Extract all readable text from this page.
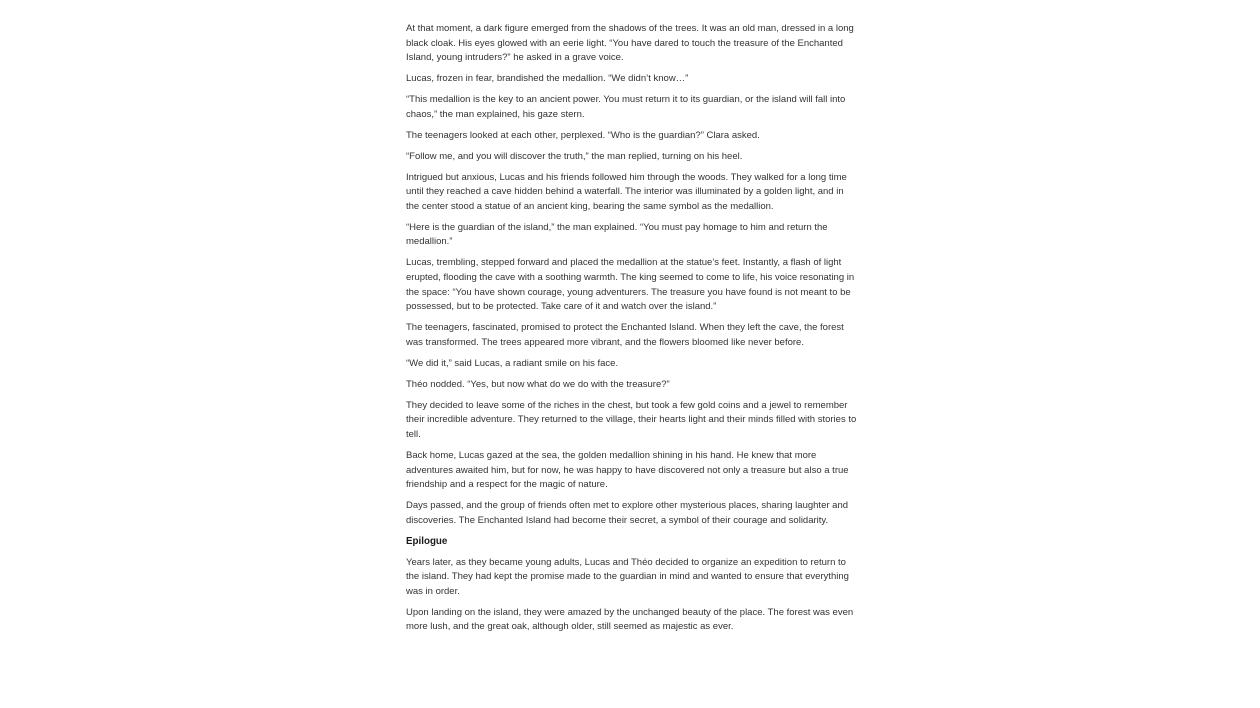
At that moment, a dark figure emerged from the shadows of the trees. It was an old man, dressed in a long black cloak. His eyes glowed with an eerie light. “You have dared to touch the treasure of the Enchanted Island, young intruders?” he asked in a grave voice.

Lucas, frozen in fear, brandished the medallion. “We didn’t know…”

“This medallion is the key to an ancient power. You must return it to its guardian, or the island will fall into chaos,” the man explained, his gaze stern.

The teenagers looked at each other, perplexed. “Who is the guardian?” Clara asked.

“Follow me, and you will discover the truth,” the man replied, turning on his heel.

Intrigued but anxious, Lucas and his friends followed him through the woods. They walked for a long time until they reached a cave hidden behind a waterfall. The interior was illuminated by a golden light, and in the center stood a statue of an ancient king, bearing the same symbol as the medallion.

“Here is the guardian of the island,” the man explained. “You must pay homage to him and return the medallion.”

Lucas, trembling, stepped forward and placed the medallion at the statue’s feet. Instantly, a flash of light erupted, flooding the cave with a soothing warmth. The king seemed to come to life, his voice resonating in the space: “You have shown courage, young adventurers. The treasure you have found is not meant to be possessed, but to be protected. Take care of it and watch over the island.”

The teenagers, fascinated, promised to protect the Enchanted Island. When they left the cave, the forest was transformed. The trees appeared more vibrant, and the flowers bloomed like never before.

“We did it,” said Lucas, a radiant smile on his face.

Théo nodded. “Yes, but now what do we do with the treasure?”

They decided to leave some of the riches in the chest, but took a few gold coins and a jewel to remember their incredible adventure. They returned to the village, their hearts light and their minds filled with stories to tell.

Back home, Lucas gazed at the sea, the golden medallion shining in his hand. He knew that more adventures awaited him, but for now, he was happy to have discovered not only a treasure but also a true friendship and a respect for the magic of nature.

Days passed, and the group of friends often met to explore other mysterious places, sharing laughter and discoveries. The Enchanted Island had become their secret, a symbol of their courage and solidarity.

Epilogue

Years later, as they became young adults, Lucas and Théo decided to organize an expedition to return to the island. They had kept the promise made to the guardian in mind and wanted to ensure that everything was in order.

Upon landing on the island, they were amazed by the unchanged beauty of the place. The forest was even more lush, and the great oak, although older, still seemed as majestic as ever.
